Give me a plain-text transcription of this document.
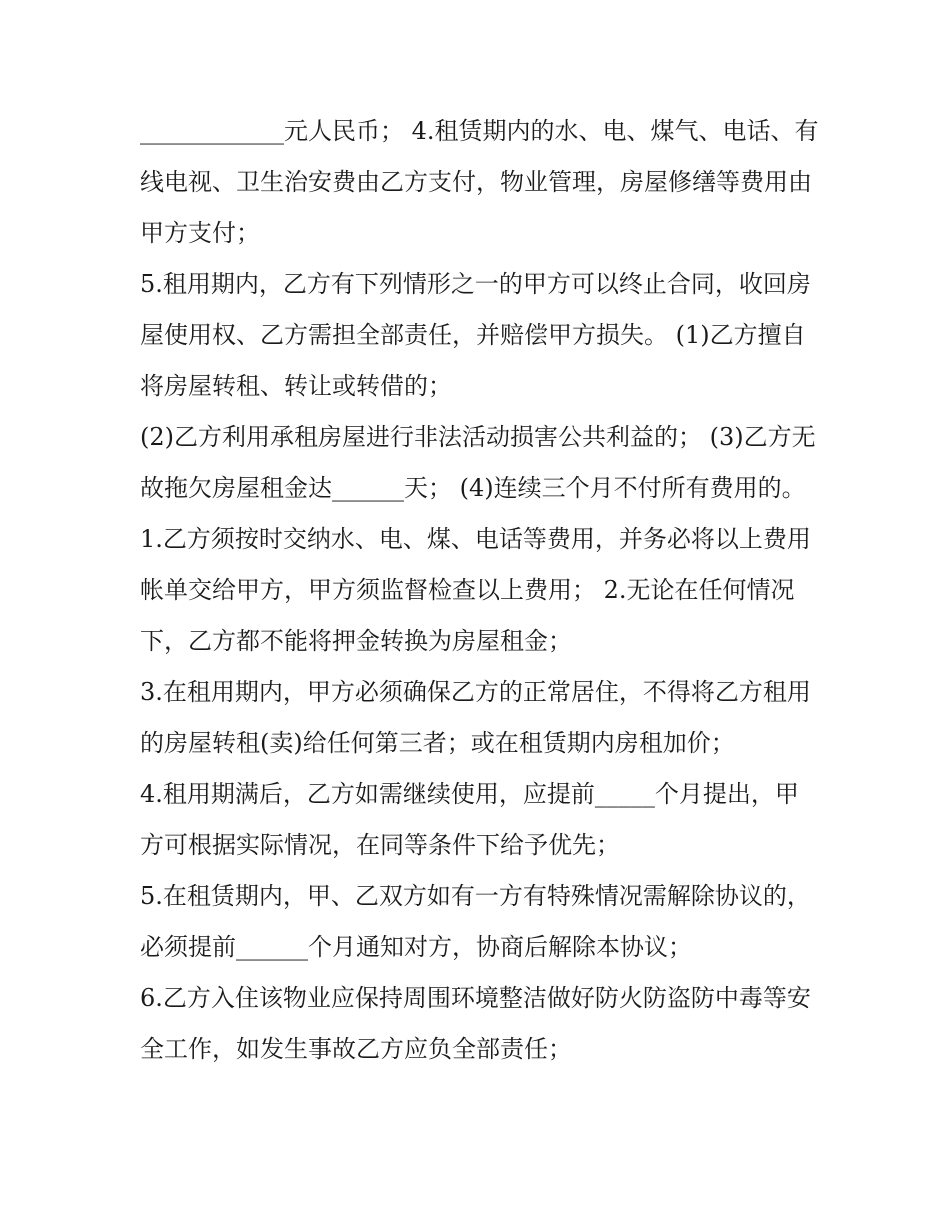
____________元人民币； 4.租赁期内的水、电、煤气、电话、有线电视、卫生治安费由乙方支付，物业管理，房屋修缮等费用由甲方支付；

5.租用期内，乙方有下列情形之一的甲方可以终止合同，收回房屋使用权、乙方需担全部责任，并赔偿甲方损失。 (1)乙方擅自将房屋转租、转让或转借的；

(2)乙方利用承租房屋进行非法活动损害公共利益的； (3)乙方无故拖欠房屋租金达______天； (4)连续三个月不付所有费用的。

1.乙方须按时交纳水、电、煤、电话等费用，并务必将以上费用帐单交给甲方，甲方须监督检查以上费用； 2.无论在任何情况下，乙方都不能将押金转换为房屋租金；

3.在租用期内，甲方必须确保乙方的正常居住，不得将乙方租用的房屋转租(卖)给任何第三者；或在租赁期内房租加价；

4.租用期满后，乙方如需继续使用，应提前_____个月提出，甲方可根据实际情况，在同等条件下给予优先；

5.在租赁期内，甲、乙双方如有一方有特殊情况需解除协议的，必须提前______个月通知对方，协商后解除本协议；

6.乙方入住该物业应保持周围环境整洁做好防火防盗防中毒等安全工作，如发生事故乙方应负全部责任；
